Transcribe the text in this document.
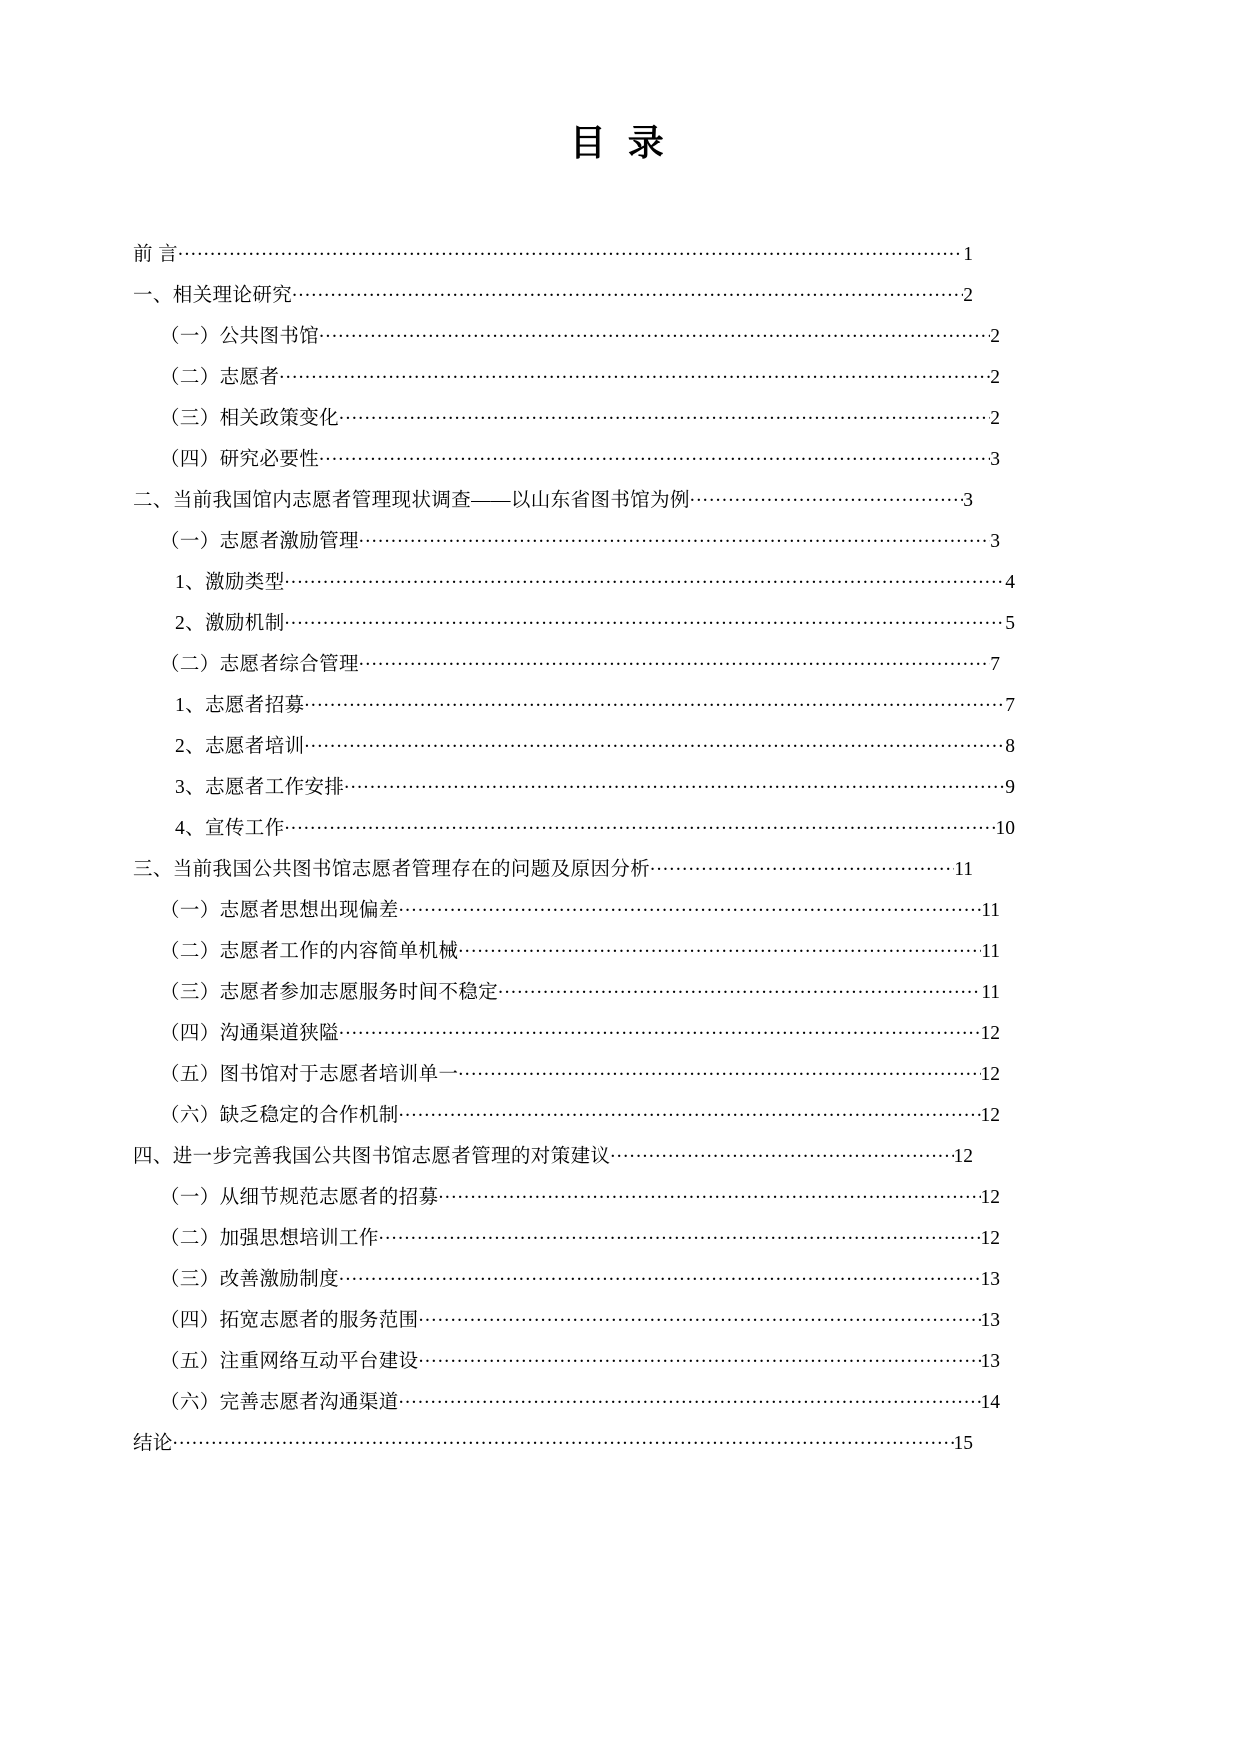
目 录
前 言 .....	1
一、相关理论研究 .....	2
（一）公共图书馆 .....	2
（二）志愿者 .....	2
（三）相关政策变化 .....	2
（四）研究必要性 .....	3
二、当前我国馆内志愿者管理现状调查——以山东省图书馆为例 .....	3
（一）志愿者激励管理 .....	3
1、激励类型 .....	4
2、激励机制 .....	5
（二）志愿者综合管理 .....	7
1、志愿者招募 .....	7
2、志愿者培训 .....	8
3、志愿者工作安排 .....	9
4、宣传工作 .....	10
三、当前我国公共图书馆志愿者管理存在的问题及原因分析 .....	11
（一）志愿者思想出现偏差 .....	11
（二）志愿者工作的内容简单机械 .....	11
（三）志愿者参加志愿服务时间不稳定 .....	11
（四）沟通渠道狭隘 .....	12
（五）图书馆对于志愿者培训单一 .....	12
（六）缺乏稳定的合作机制 .....	12
四、进一步完善我国公共图书馆志愿者管理的对策建议 .....	12
（一）从细节规范志愿者的招募 .....	12
（二）加强思想培训工作 .....	12
（三）改善激励制度 .....	13
（四）拓宽志愿者的服务范围 .....	13
（五）注重网络互动平台建设 .....	13
（六）完善志愿者沟通渠道 .....	14
结论 .....	15
